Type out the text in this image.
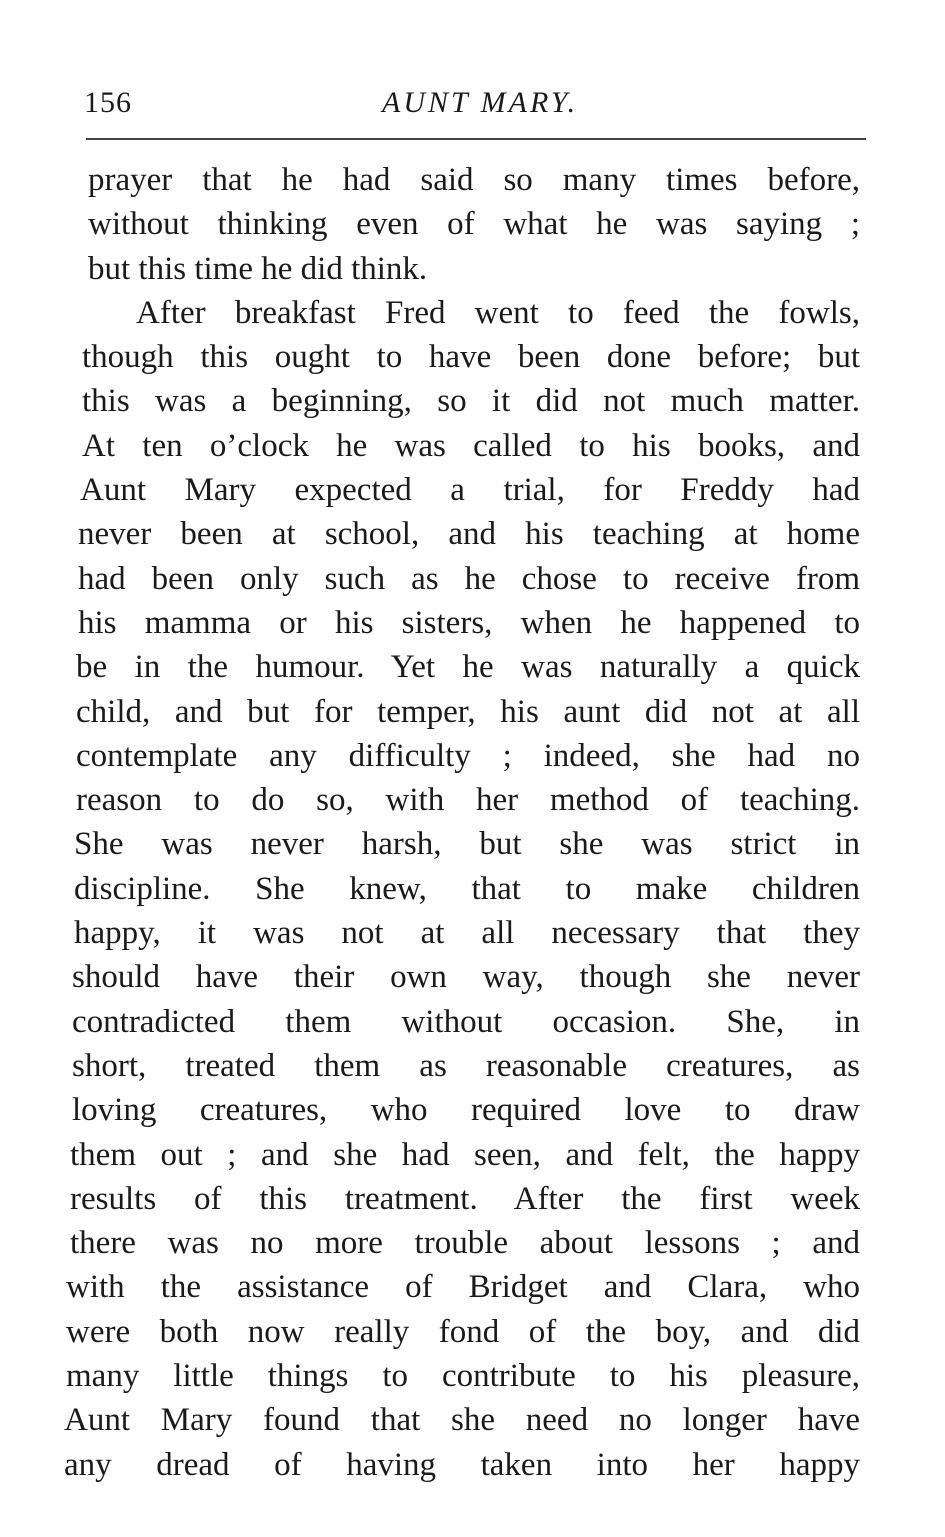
156	AUNT MARY.
prayer that he had said so many times before,
without thinking even of what he was saying ;
but this time he did think.
After breakfast Fred went to feed the fowls,
though this ought to have been done before; but
this was a beginning, so it did not much matter.
At ten o’clock he was called to his books, and
Aunt Mary expected a trial, for Freddy had
never been at school, and his teaching at home
had been only such as he chose to receive from
his mamma or his sisters, when he happened to
be in the humour. Yet he was naturally a quick
child, and but for temper, his aunt did not at all
contemplate any difficulty ; indeed, she had no
reason to do so, with her method of teaching.
She was never harsh, but she was strict in
discipline. She knew, that to make children
happy, it was not at all necessary that they
should have their own way, though she never
contradicted them without occasion. She, in
short, treated them as reasonable creatures, as
loving creatures, who required love to draw
them out ; and she had seen, and felt, the happy
results of this treatment. After the first week
there was no more trouble about lessons ; and
with the assistance of Bridget and Clara, who
were both now really fond of the boy, and did
many little things to contribute to his pleasure,
Aunt Mary found that she need no longer have
any dread of having taken into her happy
